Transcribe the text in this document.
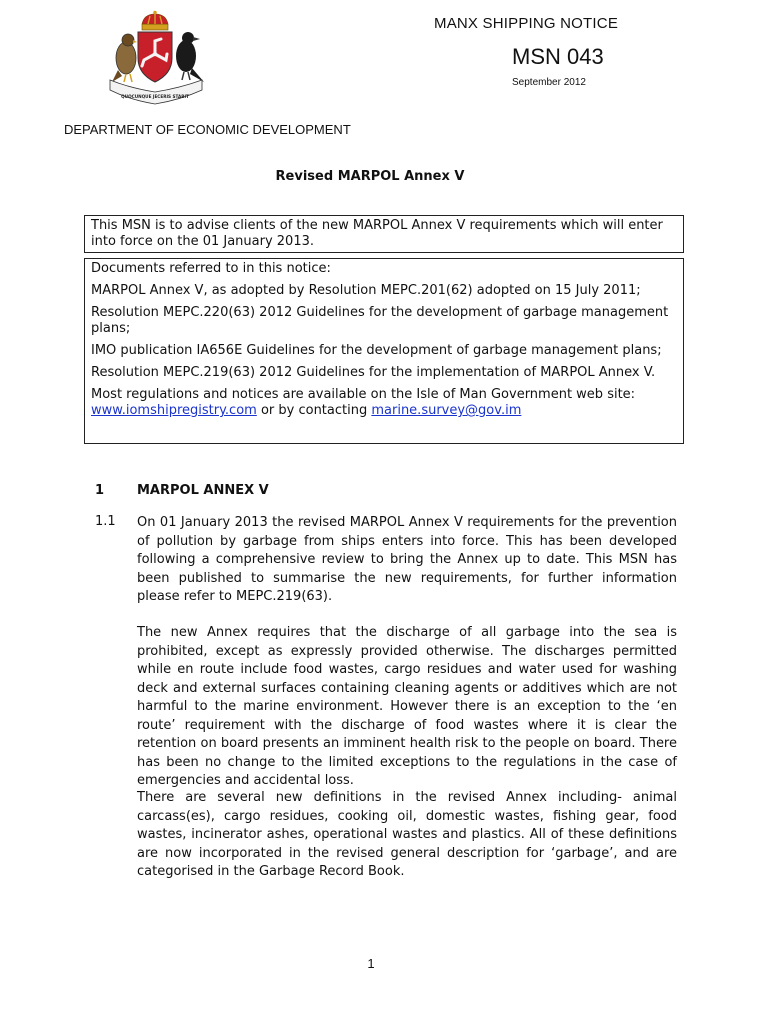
QUOCUNQUE JECERIS STABIT
MANX SHIPPING NOTICE
MSN 043
September 2012
DEPARTMENT OF ECONOMIC DEVELOPMENT
Revised MARPOL Annex V
This MSN is to advise clients of the new MARPOL Annex V requirements which will enter into force on the 01 January 2013.

Documents referred to in this notice:

MARPOL Annex V, as adopted by Resolution MEPC.201(62) adopted on 15 July 2011;

Resolution MEPC.220(63) 2012 Guidelines for the development of garbage management plans;

IMO publication IA656E Guidelines for the development of garbage management plans;

Resolution MEPC.219(63) 2012 Guidelines for the implementation of MARPOL Annex V.

Most regulations and notices are available on the Isle of Man Government web site:
www.iomshipregistry.com or by contacting marine.survey@gov.im

1	MARPOL ANNEX V
1.1 On 01 January 2013 the revised MARPOL Annex V requirements for the prevention of pollution by garbage from ships enters into force. This has been developed following a comprehensive review to bring the Annex up to date. This MSN has been published to summarise the new requirements, for further information please refer to MEPC.219(63).

The new Annex requires that the discharge of all garbage into the sea is prohibited, except as expressly provided otherwise. The discharges permitted while en route include food wastes, cargo residues and water used for washing deck and external surfaces containing cleaning agents or additives which are not harmful to the marine environment. However there is an exception to the ‘en route’ requirement with the discharge of food wastes where it is clear the retention on board presents an imminent health risk to the people on board. There has been no change to the limited exceptions to the regulations in the case of emergencies and accidental loss.

There are several new definitions in the revised Annex including- animal carcass(es), cargo residues, cooking oil, domestic wastes, fishing gear, food wastes, incinerator ashes, operational wastes and plastics. All of these definitions are now incorporated in the revised general description for ‘garbage’, and are categorised in the Garbage Record Book.

1
